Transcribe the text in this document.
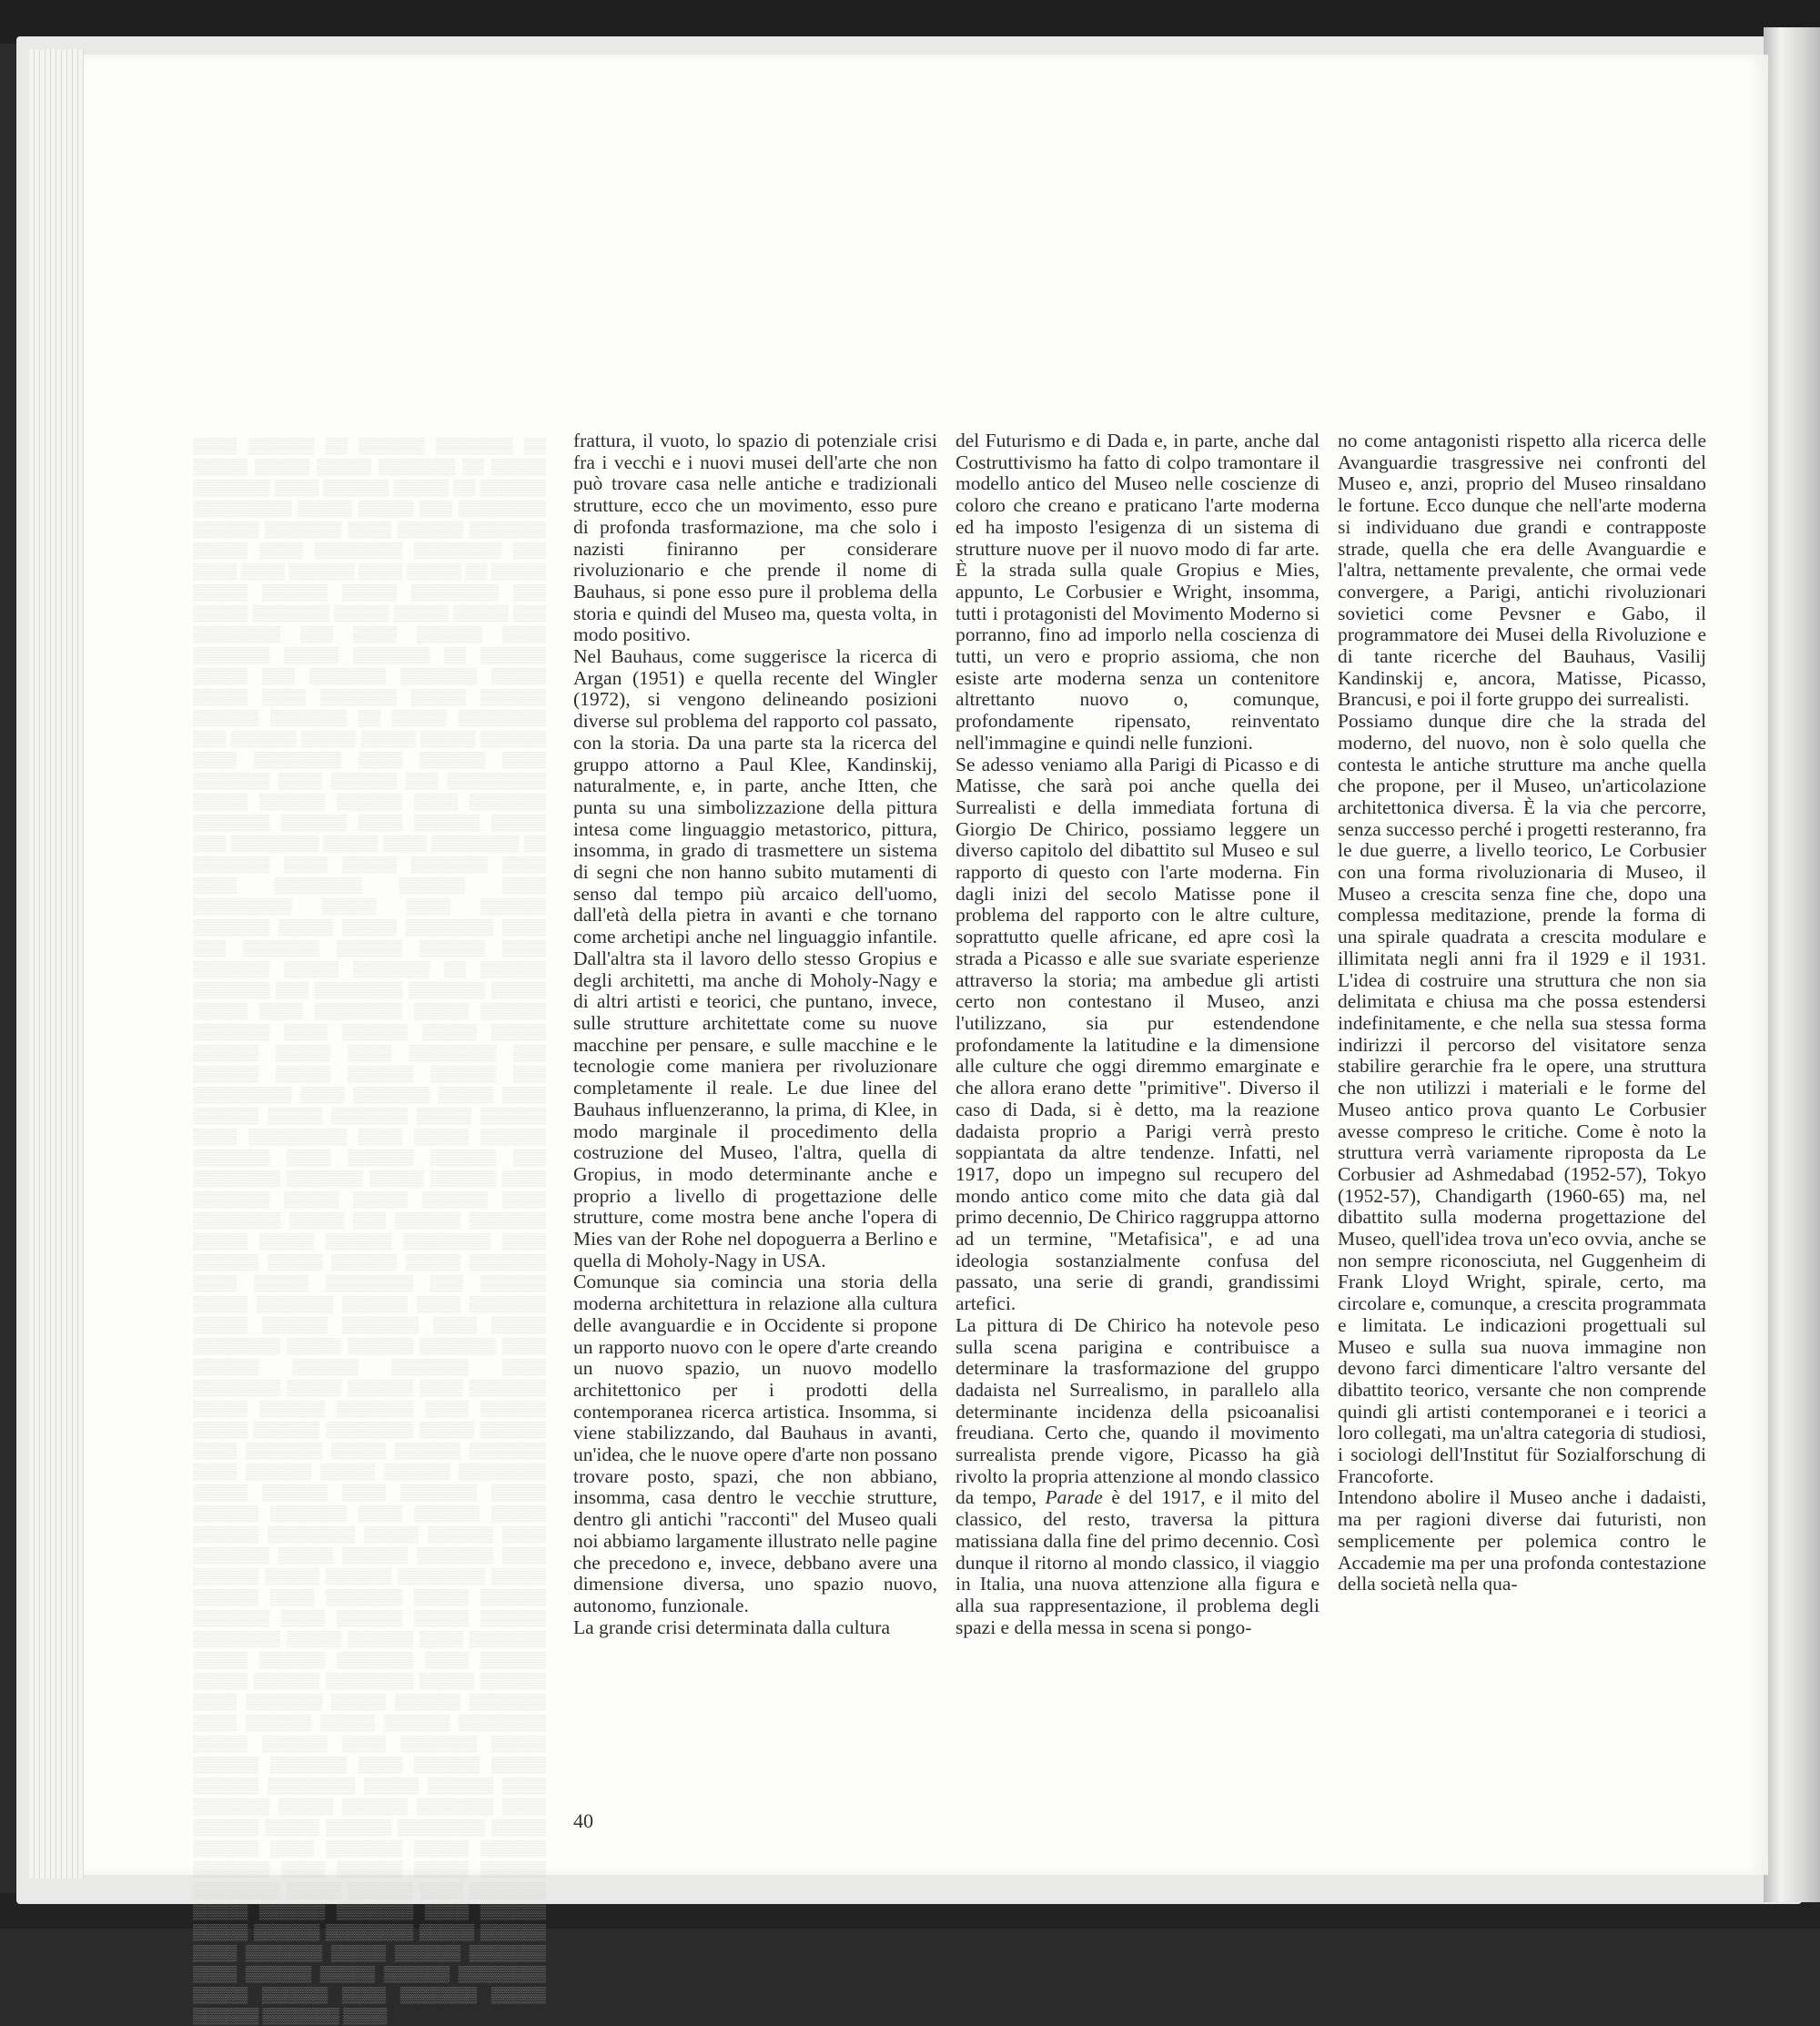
▒▒▒▒ ▒▒▒▒▒▒ ▒▒ ▒▒▒▒▒▒ ▒▒▒▒▒▒▒ ▒▒ ▒▒▒▒▒ ▒▒▒▒▒ ▒▒▒▒▒ ▒▒▒▒▒▒▒ ▒▒ ▒▒▒▒▒ ▒▒▒▒▒▒▒ ▒▒▒▒ ▒▒▒▒▒▒ ▒▒▒▒▒ ▒▒ ▒▒▒▒▒▒ ▒▒▒▒▒▒▒▒▒ ▒▒▒▒▒ ▒▒▒▒▒ ▒▒▒ ▒▒▒▒▒▒▒▒ ▒▒▒▒▒▒ ▒▒▒▒▒▒▒ ▒▒▒▒ ▒▒▒▒▒▒ ▒▒▒▒▒▒▒ ▒▒▒▒▒ ▒▒▒▒ ▒▒▒▒▒▒▒▒ ▒▒▒▒▒▒▒▒ ▒▒▒ ▒▒▒▒ ▒▒▒▒ ▒▒▒▒▒▒ ▒▒▒▒ ▒▒▒▒▒ ▒▒ ▒▒▒▒▒ ▒▒▒▒▒ ▒▒▒▒▒▒ ▒▒▒▒▒ ▒▒▒▒▒▒▒▒ ▒▒▒ ▒▒▒▒▒ ▒▒▒▒▒▒▒ ▒▒▒▒▒ ▒▒▒▒▒ ▒▒▒▒▒ ▒▒▒ ▒▒▒▒▒▒▒▒ ▒▒▒ ▒▒▒▒ ▒▒▒▒▒▒ ▒▒▒▒ ▒▒▒▒▒▒▒ ▒▒▒▒▒ ▒▒▒▒▒▒▒ ▒▒ ▒▒▒▒▒▒ ▒▒▒▒▒ ▒▒▒ ▒▒▒▒▒▒▒ ▒▒▒▒▒▒▒ ▒▒▒▒▒ ▒▒▒▒▒ ▒▒▒▒ ▒▒▒▒▒▒▒ ▒▒▒▒▒ ▒▒▒▒▒▒ ▒▒▒▒▒▒ ▒▒▒▒▒▒▒ ▒▒ ▒▒▒▒▒ ▒▒▒▒▒▒▒▒ ▒▒▒ ▒▒▒▒▒▒ ▒▒▒▒▒ ▒▒▒▒▒ ▒▒▒▒▒ ▒▒▒▒▒▒ ▒▒▒▒ ▒▒▒▒▒▒▒▒ ▒▒▒▒ ▒▒▒▒▒▒ ▒▒▒▒ ▒▒▒▒▒▒▒ ▒▒▒▒ ▒▒▒▒▒▒ ▒▒▒ ▒▒▒▒▒▒▒▒▒ ▒▒▒▒▒ ▒▒▒▒▒▒ ▒▒▒▒▒▒ ▒▒▒▒ ▒▒▒▒▒▒▒ ▒▒▒▒▒▒▒ ▒▒▒▒▒▒ ▒▒▒▒ ▒▒▒▒▒▒ ▒▒▒▒▒ ▒▒▒ ▒▒▒▒▒▒▒▒ ▒▒▒▒▒ ▒▒▒▒ ▒▒▒▒▒▒▒▒ ▒▒ ▒▒▒▒▒▒▒ ▒▒▒▒ ▒▒▒▒▒ ▒▒▒▒▒▒▒ ▒▒▒▒ ▒▒▒▒ ▒▒▒▒▒▒▒▒ ▒▒▒▒▒▒ ▒▒▒▒ ▒▒▒▒▒▒▒▒▒ ▒▒▒▒▒ ▒▒▒▒ ▒▒▒▒▒▒ ▒▒▒▒▒▒▒ ▒▒▒▒▒ ▒▒▒▒▒ ▒▒▒▒▒▒▒▒ ▒▒▒▒ ▒▒▒ ▒▒▒▒▒▒▒ ▒▒▒▒▒▒ ▒▒▒▒▒▒ ▒▒▒▒ ▒▒▒▒▒▒▒ ▒▒▒▒▒ ▒▒▒▒▒▒▒ ▒▒ ▒▒▒▒▒▒ ▒▒▒▒▒▒▒ ▒▒▒ ▒▒▒▒▒▒▒▒ ▒▒▒▒▒▒▒ ▒▒▒▒▒ ▒▒▒▒▒ ▒▒▒▒ ▒▒▒▒▒▒▒▒ ▒▒▒▒▒ ▒▒▒▒▒▒ ▒▒▒▒▒▒▒ ▒▒▒▒ ▒▒▒▒▒▒ ▒▒▒▒▒ ▒▒▒▒▒ ▒▒▒▒▒▒ ▒▒▒▒▒ ▒▒▒▒ ▒▒▒▒▒▒▒▒ ▒▒▒ ▒▒▒▒▒▒ ▒▒▒▒▒ ▒▒▒▒▒▒ ▒▒▒▒▒▒ ▒▒▒ ▒▒▒▒▒▒▒▒▒ ▒▒▒▒ ▒▒▒▒▒▒▒ ▒▒▒▒▒ ▒▒▒▒ ▒▒▒▒▒▒ ▒▒▒▒▒ ▒▒▒▒▒▒▒ ▒▒▒▒▒ ▒▒▒▒▒▒ ▒▒▒▒ ▒▒▒▒▒▒▒▒▒ ▒▒▒▒ ▒▒▒▒▒ ▒▒▒▒▒▒ ▒▒▒▒▒▒▒ ▒▒▒▒ ▒▒▒▒▒▒ ▒▒▒▒▒▒ ▒▒▒ ▒▒▒▒▒▒▒▒ ▒▒▒▒▒▒▒ ▒▒▒▒▒ ▒▒▒▒▒▒ ▒▒▒▒ ▒▒▒▒▒▒▒ ▒▒▒▒▒ ▒▒▒▒▒ ▒▒▒▒▒▒ ▒▒▒▒ ▒▒▒▒▒▒▒▒ ▒▒▒▒▒ ▒▒▒ ▒▒▒▒▒▒ ▒▒▒▒▒▒▒ ▒▒▒▒▒ ▒▒▒▒▒ ▒▒▒▒▒▒ ▒▒▒▒▒▒▒▒ ▒▒▒▒ ▒▒▒▒▒▒ ▒▒▒▒▒ ▒▒▒▒▒▒ ▒▒▒▒▒ ▒▒▒▒▒▒▒ ▒▒▒▒ ▒▒▒▒▒ ▒▒▒▒▒▒▒▒ ▒▒▒ ▒▒▒▒▒▒ ▒▒▒▒▒ ▒▒▒▒▒▒▒ ▒▒▒▒▒▒ ▒▒▒▒ ▒▒▒▒▒▒▒ ▒▒▒▒▒ ▒▒▒▒▒▒ ▒▒▒▒▒▒▒ ▒▒▒▒ ▒▒▒▒▒ ▒▒▒▒▒▒▒▒ ▒▒▒▒▒ ▒▒▒▒▒▒ ▒▒▒▒▒▒▒ ▒▒▒▒ ▒▒▒▒▒▒ ▒▒▒▒▒▒ ▒▒▒▒▒▒▒ ▒▒▒▒ ▒▒▒▒▒▒▒▒ ▒▒▒▒▒ ▒▒▒▒▒▒ ▒▒▒▒ ▒▒▒▒▒▒▒ ▒▒▒▒▒ ▒▒▒▒▒▒ ▒▒▒▒▒▒▒ ▒▒▒▒ ▒▒▒▒▒▒ ▒▒▒▒▒ ▒▒▒▒▒▒ ▒▒▒▒▒▒▒▒ ▒▒▒▒▒ ▒▒▒▒▒▒ ▒▒▒▒ ▒▒▒▒▒▒▒ ▒▒▒▒▒ ▒▒▒▒▒▒ ▒▒▒▒▒▒▒ ▒▒▒▒ ▒▒▒▒▒▒ ▒▒▒▒▒ ▒▒▒▒▒▒ ▒▒▒▒▒▒▒▒ ▒▒▒▒▒ ▒▒▒▒▒▒ ▒▒▒▒ ▒▒▒▒▒▒▒ ▒▒▒▒▒ ▒▒▒▒▒▒ ▒▒▒▒▒▒▒ ▒▒▒▒ ▒▒▒▒▒▒ ▒▒▒▒▒ ▒▒▒▒▒▒ ▒▒▒▒▒▒▒▒ ▒▒▒▒▒ ▒▒▒▒▒▒ ▒▒▒▒ ▒▒▒▒▒▒▒ ▒▒▒▒▒ ▒▒▒▒▒▒ ▒▒▒▒▒▒▒ ▒▒▒▒ ▒▒▒▒▒▒ ▒▒▒▒▒ ▒▒▒▒▒▒ ▒▒▒▒▒▒▒▒ ▒▒▒▒▒ ▒▒▒▒▒▒ ▒▒▒▒ ▒▒▒▒▒▒▒ ▒▒▒▒▒ ▒▒▒▒▒▒ ▒▒▒▒▒▒▒ ▒▒▒▒ ▒▒▒▒▒▒ ▒▒▒▒▒ ▒▒▒▒▒▒ ▒▒▒▒▒▒▒▒ ▒▒▒▒▒ ▒▒▒▒▒▒ ▒▒▒▒ ▒▒▒▒▒▒▒ ▒▒▒▒▒ ▒▒▒▒▒▒ ▒▒▒▒▒▒▒ ▒▒▒▒ ▒▒▒▒▒▒ ▒▒▒▒▒ ▒▒▒▒▒▒ ▒▒▒▒▒▒▒▒ ▒▒▒▒▒ ▒▒▒▒▒▒ ▒▒▒▒ ▒▒▒▒▒▒▒ ▒▒▒▒▒ ▒▒▒▒▒▒ ▒▒▒▒▒▒▒ ▒▒▒▒ ▒▒▒▒▒▒ ▒▒▒▒▒ ▒▒▒▒▒▒ ▒▒▒▒▒▒▒▒ ▒▒▒▒▒ ▒▒▒▒▒▒ ▒▒▒▒ ▒▒▒▒▒▒▒ ▒▒▒▒▒ ▒▒▒▒▒▒ ▒▒▒▒▒▒▒ ▒▒▒▒ ▒▒▒▒▒▒ ▒▒▒▒▒ ▒▒▒▒▒▒ ▒▒▒▒▒▒▒▒ ▒▒▒▒▒ ▒▒▒▒▒▒ ▒▒▒▒ ▒▒▒▒▒▒▒ ▒▒▒▒▒ ▒▒▒▒▒▒ ▒▒▒▒▒▒▒ ▒▒▒▒ ▒▒▒▒▒▒ ▒▒▒▒▒ ▒▒▒▒▒▒ ▒▒▒▒▒▒▒▒ ▒▒▒▒▒ ▒▒▒▒▒▒ ▒▒▒▒ ▒▒▒▒▒▒▒ ▒▒▒▒▒ ▒▒▒▒▒▒ ▒▒▒▒▒▒▒ ▒▒▒▒ ▒▒▒▒▒▒ ▒▒▒▒▒ ▒▒▒▒▒▒ ▒▒▒▒▒▒▒▒ ▒▒▒▒▒ ▒▒▒▒▒▒ ▒▒▒▒ ▒▒▒▒▒▒▒ ▒▒▒▒▒ ▒▒▒▒▒▒ ▒▒▒▒▒▒▒ ▒▒▒▒ ▒▒▒▒▒▒ ▒▒▒▒▒ ▒▒▒▒▒▒ ▒▒▒▒▒▒▒▒ ▒▒▒▒▒ ▒▒▒▒▒▒ ▒▒▒▒ ▒▒▒▒▒▒▒ ▒▒▒▒▒ ▒▒▒▒▒▒ ▒▒▒▒▒▒▒ ▒▒▒▒ ▒▒▒▒▒▒ ▒▒▒▒▒ ▒▒▒▒▒▒ ▒▒▒▒▒▒▒▒ ▒▒▒▒▒ ▒▒▒▒▒▒ ▒▒▒▒ ▒▒▒▒▒▒▒ ▒▒▒▒▒ ▒▒▒▒▒▒ ▒▒▒▒▒▒▒ ▒▒▒▒

frattura, il vuoto, lo spazio di potenziale crisi fra i vecchi e i nuovi musei dell'arte che non può trovare casa nelle antiche e tradizionali strutture, ecco che un movimento, esso pure di profonda trasformazione, ma che solo i nazisti finiranno per considerare rivoluzionario e che prende il nome di Bauhaus, si pone esso pure il problema della storia e quindi del Museo ma, questa volta, in modo positivo.

Nel Bauhaus, come suggerisce la ricerca di Argan (1951) e quella recente del Wingler (1972), si vengono delineando posizioni diverse sul problema del rapporto col passato, con la storia. Da una parte sta la ricerca del gruppo attorno a Paul Klee, Kandinskij, naturalmente, e, in parte, anche Itten, che punta su una simbolizzazione della pittura intesa come linguaggio metastorico, pittura, insomma, in grado di trasmettere un sistema di segni che non hanno subito mutamenti di senso dal tempo più arcaico dell'uomo, dall'età della pietra in avanti e che tornano come archetipi anche nel linguaggio infantile. Dall'altra sta il lavoro dello stesso Gropius e degli architetti, ma anche di Moholy-Nagy e di altri artisti e teorici, che puntano, invece, sulle strutture architettate come su nuove macchine per pensare, e sulle macchine e le tecnologie come maniera per rivoluzionare completamente il reale. Le due linee del Bauhaus influenzeranno, la prima, di Klee, in modo marginale il procedimento della costruzione del Museo, l'altra, quella di Gropius, in modo determinante anche e proprio a livello di progettazione delle strutture, come mostra bene anche l'opera di Mies van der Rohe nel dopoguerra a Berlino e quella di Moholy-Nagy in USA.

Comunque sia comincia una storia della moderna architettura in relazione alla cultura delle avanguardie e in Occidente si propone un rapporto nuovo con le opere d'arte creando un nuovo spazio, un nuovo modello architettonico per i prodotti della contemporanea ricerca artistica. Insomma, si viene stabilizzando, dal Bauhaus in avanti, un'idea, che le nuove opere d'arte non possano trovare posto, spazi, che non abbiano, insomma, casa dentro le vecchie strutture, dentro gli antichi "racconti" del Museo quali noi abbiamo largamente illustrato nelle pagine che precedono e, invece, debbano avere una dimensione diversa, uno spazio nuovo, autonomo, funzionale.

La grande crisi determinata dalla cultura

del Futurismo e di Dada e, in parte, anche dal Costruttivismo ha fatto di colpo tramontare il modello antico del Museo nelle coscienze di coloro che creano e praticano l'arte moderna ed ha imposto l'esigenza di un sistema di strutture nuove per il nuovo modo di far arte. È la strada sulla quale Gropius e Mies, appunto, Le Corbusier e Wright, insomma, tutti i protagonisti del Movimento Moderno si porranno, fino ad imporlo nella coscienza di tutti, un vero e proprio assioma, che non esiste arte moderna senza un contenitore altrettanto nuovo o, comunque, profondamente ripensato, reinventato nell'immagine e quindi nelle funzioni.

Se adesso veniamo alla Parigi di Picasso e di Matisse, che sarà poi anche quella dei Surrealisti e della immediata fortuna di Giorgio De Chirico, possiamo leggere un diverso capitolo del dibattito sul Museo e sul rapporto di questo con l'arte moderna. Fin dagli inizi del secolo Matisse pone il problema del rapporto con le altre culture, soprattutto quelle africane, ed apre così la strada a Picasso e alle sue svariate esperienze attraverso la storia; ma ambedue gli artisti certo non contestano il Museo, anzi l'utilizzano, sia pur estendendone profondamente la latitudine e la dimensione alle culture che oggi diremmo emarginate e che allora erano dette "primitive". Diverso il caso di Dada, si è detto, ma la reazione dadaista proprio a Parigi verrà presto soppiantata da altre tendenze. Infatti, nel 1917, dopo un impegno sul recupero del mondo antico come mito che data già dal primo decennio, De Chirico raggruppa attorno ad un termine, "Metafisica", e ad una ideologia sostanzialmente confusa del passato, una serie di grandi, grandissimi artefici.

La pittura di De Chirico ha notevole peso sulla scena parigina e contribuisce a determinare la trasformazione del gruppo dadaista nel Surrealismo, in parallelo alla determinante incidenza della psicoanalisi freudiana. Certo che, quando il movimento surrealista prende vigore, Picasso ha già rivolto la propria attenzione al mondo classico da tempo, Parade è del 1917, e il mito del classico, del resto, traversa la pittura matissiana dalla fine del primo decennio. Così dunque il ritorno al mondo classico, il viaggio in Italia, una nuova attenzione alla figura e alla sua rappresentazione, il problema degli spazi e della messa in scena si pongo-

no come antagonisti rispetto alla ricerca delle Avanguardie trasgressive nei confronti del Museo e, anzi, proprio del Museo rinsaldano le fortune. Ecco dunque che nell'arte moderna si individuano due grandi e contrapposte strade, quella che era delle Avanguardie e l'altra, nettamente prevalente, che ormai vede convergere, a Parigi, antichi rivoluzionari sovietici come Pevsner e Gabo, il programmatore dei Musei della Rivoluzione e di tante ricerche del Bauhaus, Vasilij Kandinskij e, ancora, Matisse, Picasso, Brancusi, e poi il forte gruppo dei surrealisti.

Possiamo dunque dire che la strada del moderno, del nuovo, non è solo quella che contesta le antiche strutture ma anche quella che propone, per il Museo, un'articolazione architettonica diversa. È la via che percorre, senza successo perché i progetti resteranno, fra le due guerre, a livello teorico, Le Corbusier con una forma rivoluzionaria di Museo, il Museo a crescita senza fine che, dopo una complessa meditazione, prende la forma di una spirale quadrata a crescita modulare e illimitata negli anni fra il 1929 e il 1931. L'idea di costruire una struttura che non sia delimitata e chiusa ma che possa estendersi indefinitamente, e che nella sua stessa forma indirizzi il percorso del visitatore senza stabilire gerarchie fra le opere, una struttura che non utilizzi i materiali e le forme del Museo antico prova quanto Le Corbusier avesse compreso le critiche. Come è noto la struttura verrà variamente riproposta da Le Corbusier ad Ashmedabad (1952-57), Tokyo (1952-57), Chandigarth (1960-65) ma, nel dibattito sulla moderna progettazione del Museo, quell'idea trova un'eco ovvia, anche se non sempre riconosciuta, nel Guggenheim di Frank Lloyd Wright, spirale, certo, ma circolare e, comunque, a crescita programmata e limitata. Le indicazioni progettuali sul Museo e sulla sua nuova immagine non devono farci dimenticare l'altro versante del dibattito teorico, versante che non comprende quindi gli artisti contemporanei e i teorici a loro collegati, ma un'altra categoria di studiosi, i sociologi dell'Institut für Sozialforschung di Francoforte.

Intendono abolire il Museo anche i dadaisti, ma per ragioni diverse dai futuristi, non semplicemente per polemica contro le Accademie ma per una profonda contestazione della società nella qua-

40
